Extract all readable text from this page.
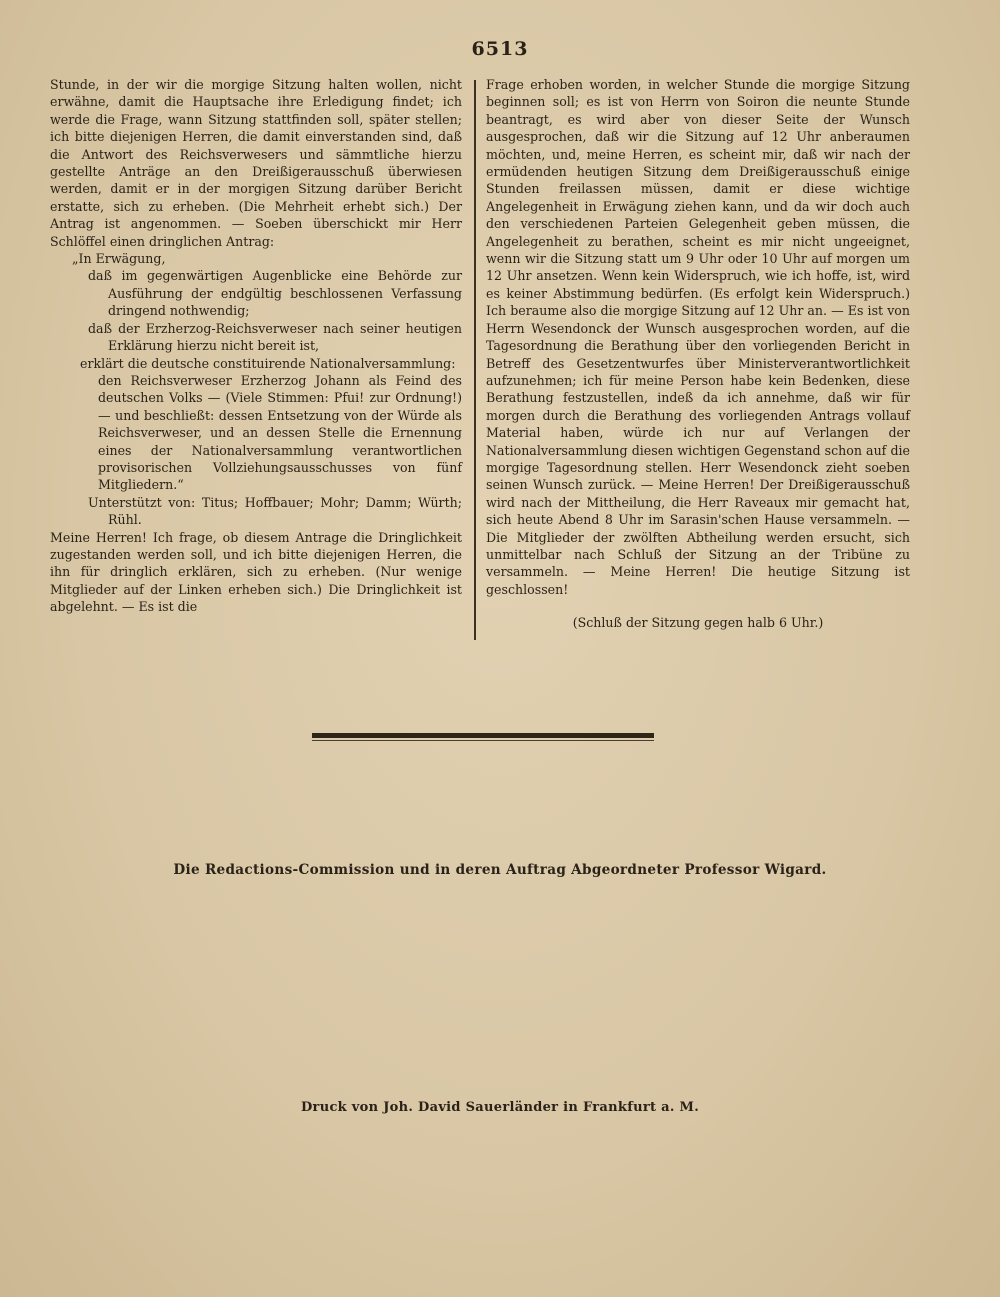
6513

Stunde, in der wir die morgige Sitzung halten wollen, nicht erwähne, damit die Hauptsache ihre Erledigung findet; ich werde die Frage, wann Sitzung stattfinden soll, später stellen; ich bitte diejenigen Herren, die damit einverstanden sind, daß die Antwort des Reichsverwesers und sämmtliche hierzu gestellte Anträge an den Dreißigerausschuß überwiesen werden, damit er in der morgigen Sitzung darüber Bericht erstatte, sich zu erheben. (Die Mehrheit erhebt sich.) Der Antrag ist angenommen. — Soeben überschickt mir Herr Schlöffel einen dringlichen Antrag:

„In Erwägung,

daß im gegenwärtigen Augenblicke eine Behörde zur Ausführung der endgültig beschlossenen Verfassung dringend nothwendig;

daß der Erzherzog-Reichsverweser nach seiner heutigen Erklärung hierzu nicht bereit ist,

erklärt die deutsche constituirende Nationalversammlung:

den Reichsverweser Erzherzog Johann als Feind des deutschen Volks — (Viele Stimmen: Pfui! zur Ordnung!) — und beschließt: dessen Entsetzung von der Würde als Reichsverweser, und an dessen Stelle die Ernennung eines der Nationalversammlung verantwortlichen provisorischen Vollziehungsausschusses von fünf Mitgliedern.“

Unterstützt von: Titus; Hoffbauer; Mohr; Damm; Würth; Rühl.

Meine Herren! Ich frage, ob diesem Antrage die Dringlichkeit zugestanden werden soll, und ich bitte diejenigen Herren, die ihn für dringlich erklären, sich zu erheben. (Nur wenige Mitglieder auf der Linken erheben sich.) Die Dringlichkeit ist abgelehnt. — Es ist die

Frage erhoben worden, in welcher Stunde die morgige Sitzung beginnen soll; es ist von Herrn von Soiron die neunte Stunde beantragt, es wird aber von dieser Seite der Wunsch ausgesprochen, daß wir die Sitzung auf 12 Uhr anberaumen möchten, und, meine Herren, es scheint mir, daß wir nach der ermüdenden heutigen Sitzung dem Dreißigerausschuß einige Stunden freilassen müssen, damit er diese wichtige Angelegenheit in Erwägung ziehen kann, und da wir doch auch den verschiedenen Parteien Gelegenheit geben müssen, die Angelegenheit zu berathen, scheint es mir nicht ungeeignet, wenn wir die Sitzung statt um 9 Uhr oder 10 Uhr auf morgen um 12 Uhr ansetzen. Wenn kein Widerspruch, wie ich hoffe, ist, wird es keiner Abstimmung bedürfen. (Es erfolgt kein Widerspruch.) Ich beraume also die morgige Sitzung auf 12 Uhr an. — Es ist von Herrn Wesendonck der Wunsch ausgesprochen worden, auf die Tagesordnung die Berathung über den vorliegenden Bericht in Betreff des Gesetzentwurfes über Ministerverantwortlichkeit aufzunehmen; ich für meine Person habe kein Bedenken, diese Berathung festzustellen, indeß da ich annehme, daß wir für morgen durch die Berathung des vorliegenden Antrags vollauf Material haben, würde ich nur auf Verlangen der Nationalversammlung diesen wichtigen Gegenstand schon auf die morgige Tagesordnung stellen. Herr Wesendonck zieht soeben seinen Wunsch zurück. — Meine Herren! Der Dreißigerausschuß wird nach der Mittheilung, die Herr Raveaux mir gemacht hat, sich heute Abend 8 Uhr im Sarasin'schen Hause versammeln. — Die Mitglieder der zwölften Abtheilung werden ersucht, sich unmittelbar nach Schluß der Sitzung an der Tribüne zu versammeln. — Meine Herren! Die heutige Sitzung ist geschlossen!

(Schluß der Sitzung gegen halb 6 Uhr.)

Die Redactions-Commission und in deren Auftrag Abgeordneter Professor Wigard.
Druck von Joh. David Sauerländer in Frankfurt a. M.
